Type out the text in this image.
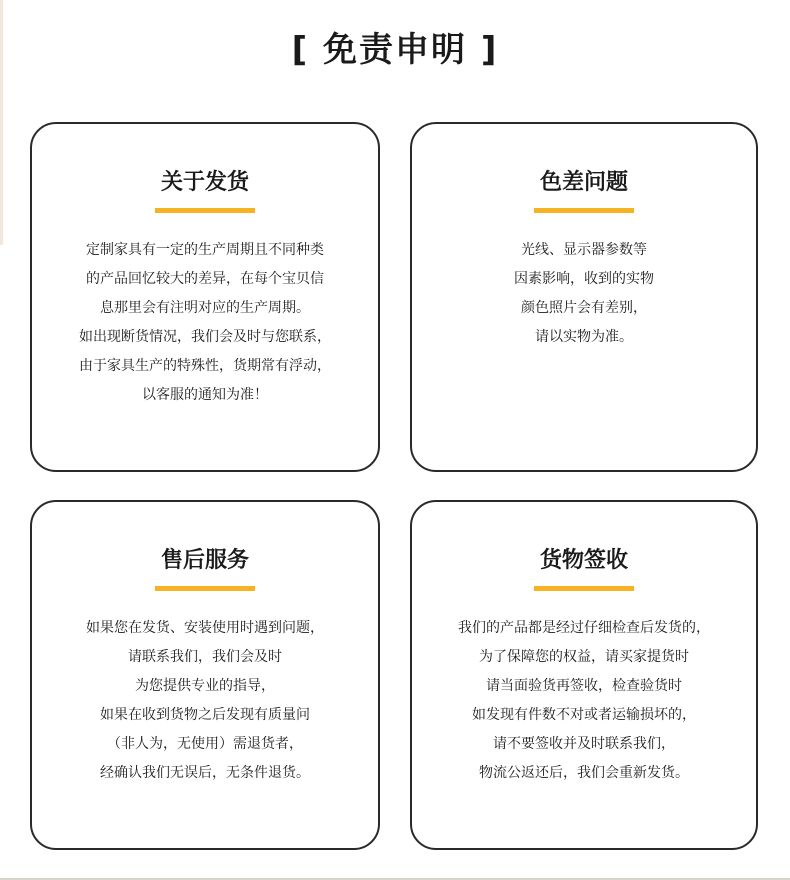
[ 免责申明 ]
关于发货
定制家具有一定的生产周期且不同种类
的产品回忆较大的差异，在每个宝贝信
息那里会有注明对应的生产周期。
如出现断货情况，我们会及时与您联系，
由于家具生产的特殊性，货期常有浮动，
以客服的通知为准！
色差问题
光线、显示器参数等
因素影响，收到的实物
颜色照片会有差别，
请以实物为准。
售后服务
如果您在发货、安装使用时遇到问题，
请联系我们，我们会及时
为您提供专业的指导，
如果在收到货物之后发现有质量问
（非人为，无使用）需退货者，
经确认我们无误后，无条件退货。
货物签收
我们的产品都是经过仔细检查后发货的，
为了保障您的权益，请买家提货时
请当面验货再签收，检查验货时
如发现有件数不对或者运输损坏的，
请不要签收并及时联系我们，
物流公返还后，我们会重新发货。
